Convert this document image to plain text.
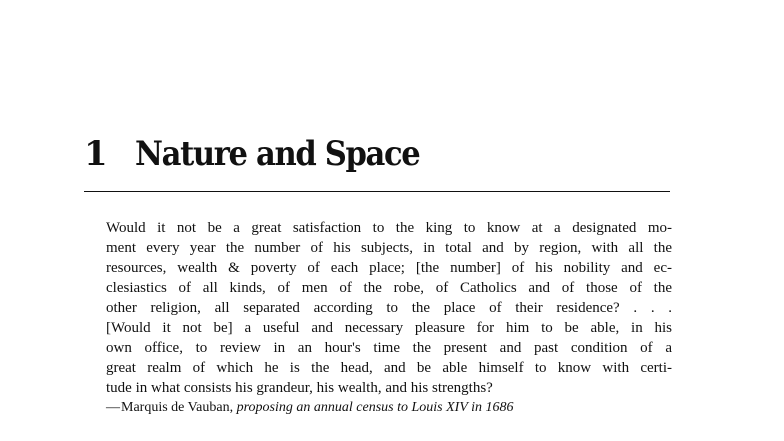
1 Nature and Space
Would it not be a great satisfaction to the king to know at a designated mo-
ment every year the number of his subjects, in total and by region, with all the
resources, wealth & poverty of each place; [the number] of his nobility and ec-
clesiastics of all kinds, of men of the robe, of Catholics and of those of the
other religion, all separated according to the place of their residence? . . .
[Would it not be] a useful and necessary pleasure for him to be able, in his
own office, to review in an hour's time the present and past condition of a
great realm of which he is the head, and be able himself to know with certi-
tude in what consists his grandeur, his wealth, and his strengths?
—Marquis de Vauban, proposing an annual census to Louis XIV in 1686
